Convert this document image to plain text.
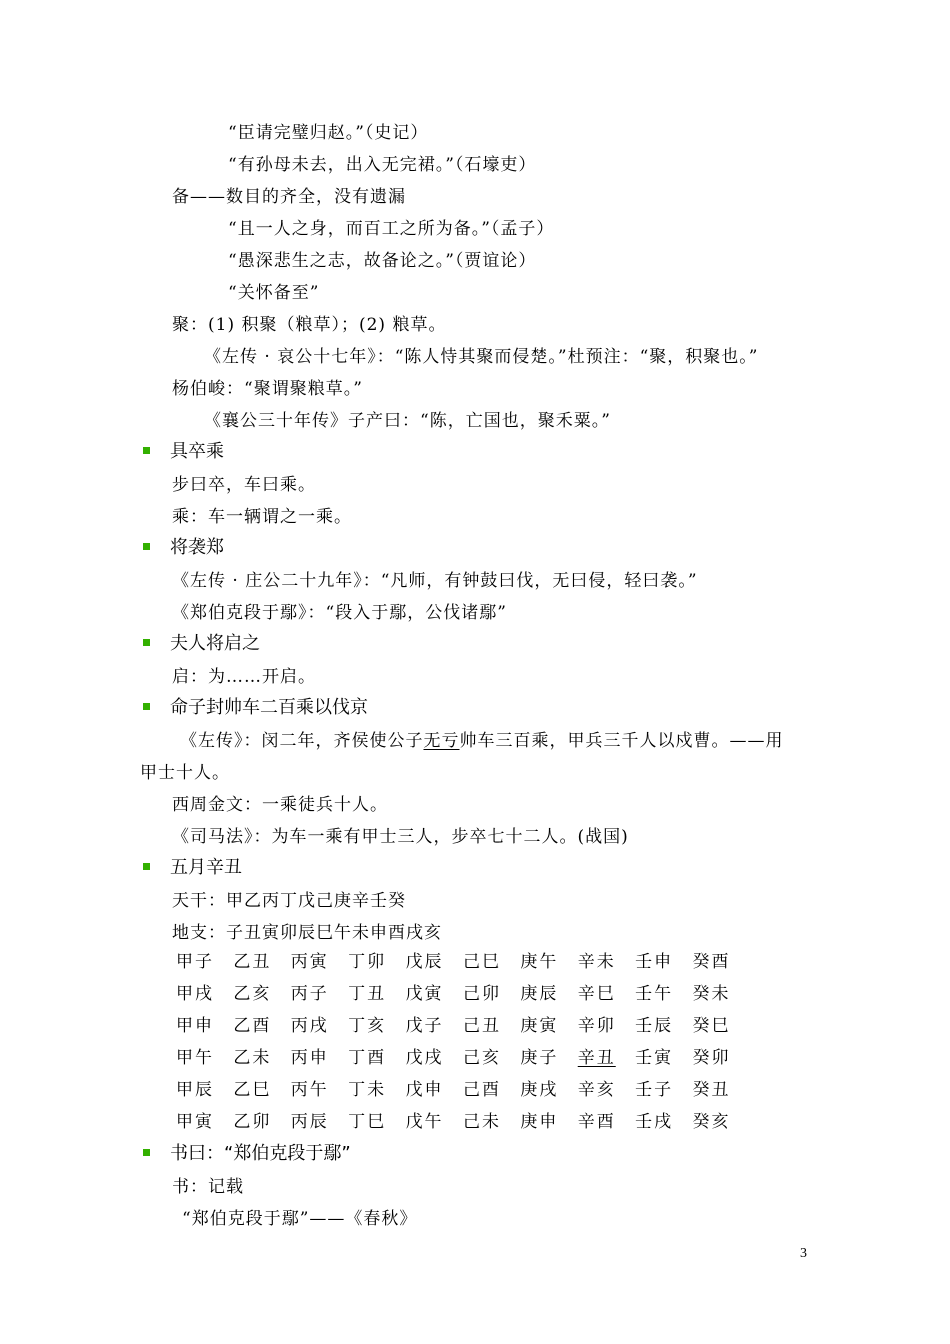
“臣请完璧归赵。”（史记）
“有孙母未去，出入无完裙。”（石壕吏）
备——数目的齐全，没有遗漏
“且一人之身，而百工之所为备。”（孟子）
“愚深悲生之志，故备论之。”（贾谊论）
“关怀备至”
聚：(1) 积聚（粮草）；(2) 粮草。
《左传 · 哀公十七年》：“陈人恃其聚而侵楚。”杜预注：“聚，积聚也。”
杨伯峻：“聚谓聚粮草。”
《襄公三十年传》子产曰：“陈，亡国也，聚禾粟。”
具卒乘
步曰卒，车曰乘。
乘：车一辆谓之一乘。
将袭郑
《左传 · 庄公二十九年》：“凡师，有钟鼓曰伐，无曰侵，轻曰袭。”
《郑伯克段于鄢》：“段入于鄢，公伐诸鄢”
夫人将启之
启：为……开启。
命子封帅车二百乘以伐京
《左传》：闵二年，齐侯使公子无亏帅车三百乘，甲兵三千人以戍曹。——用
甲士十人。
西周金文：一乘徒兵十人。
《司马法》：为车一乘有甲士三人，步卒七十二人。(战国)
五月辛丑
天干：甲乙丙丁戊己庚辛壬癸
地支：子丑寅卯辰巳午未申酉戌亥
甲子	乙丑	丙寅	丁卯	戊辰	己巳	庚午	辛未	壬申	癸酉
甲戌	乙亥	丙子	丁丑	戊寅	己卯	庚辰	辛巳	壬午	癸未
甲申	乙酉	丙戌	丁亥	戊子	己丑	庚寅	辛卯	壬辰	癸巳
甲午	乙未	丙申	丁酉	戊戌	己亥	庚子	辛丑	壬寅	癸卯
甲辰	乙巳	丙午	丁未	戊申	己酉	庚戌	辛亥	壬子	癸丑
甲寅	乙卯	丙辰	丁巳	戊午	己未	庚申	辛酉	壬戌	癸亥
书曰：“郑伯克段于鄢”
书：记载
“郑伯克段于鄢”——《春秋》
3
